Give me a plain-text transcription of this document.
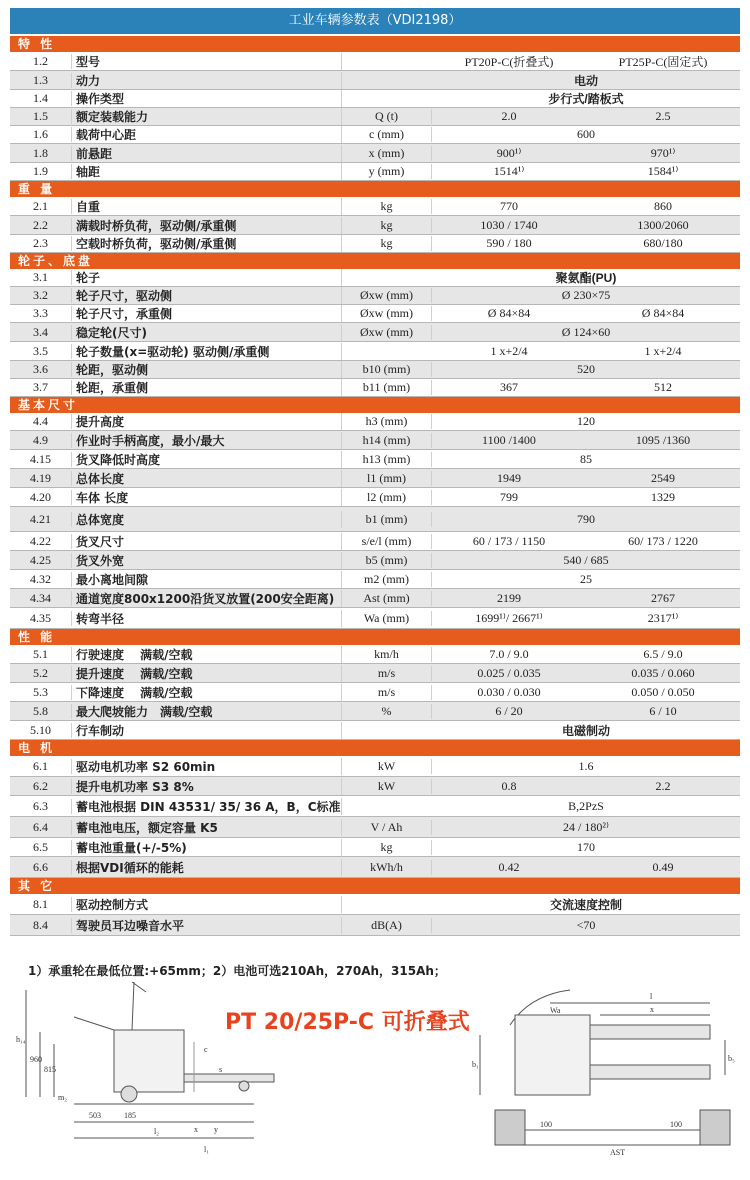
工业车辆参数表（VDI2198）
特 性
1.2	型号	PT20P-C(折叠式)	PT25P-C(固定式)
1.3	动力	电动
1.4	操作类型	步行式/踏板式
1.5	额定装载能力	Q (t)	2.0	2.5
1.6	载荷中心距	c (mm)	600
1.8	前悬距	x (mm)	900¹⁾	970¹⁾
1.9	轴距	y (mm)	1514¹⁾	1584¹⁾
重 量
2.1	自重	kg	770	860
2.2	满载时桥负荷，驱动侧/承重侧	kg	1030 / 1740	1300/2060
2.3	空载时桥负荷，驱动侧/承重侧	kg	590 / 180	680/180
轮子、底盘
3.1	轮子	聚氨酯(PU)
3.2	轮子尺寸，驱动侧	Øxw (mm)	Ø 230×75
3.3	轮子尺寸，承重侧	Øxw (mm)	Ø 84×84	Ø 84×84
3.4	稳定轮(尺寸)	Øxw (mm)	Ø 124×60
3.5	轮子数量(x=驱动轮) 驱动侧/承重侧	1 x+2/4	1 x+2/4
3.6	轮距，驱动侧	b10 (mm)	520
3.7	轮距，承重侧	b11 (mm)	367	512
基本尺寸
4.4	提升高度	h3 (mm)	120
4.9	作业时手柄高度，最小/最大	h14 (mm)	1100 /1400	1095 /1360
4.15	货叉降低时高度	h13 (mm)	85
4.19	总体长度	l1 (mm)	1949	2549
4.20	车体 长度	l2 (mm)	799	1329
4.21	总体宽度	b1 (mm)	790
4.22	货叉尺寸	s/e/l (mm)	60 / 173 / 1150	60/ 173 / 1220
4.25	货叉外宽	b5 (mm)	540 / 685
4.32	最小离地间隙	m2 (mm)	25
4.34	通道宽度800x1200沿货叉放置(200安全距离)	Ast (mm)	2199	2767
4.35	转弯半径	Wa (mm)	1699¹⁾/ 2667¹⁾	2317¹⁾
性 能
5.1	行驶速度　 满载/空载	km/h	7.0 / 9.0	6.5 / 9.0
5.2	提升速度　 满载/空载	m/s	0.025 / 0.035	0.035 / 0.060
5.3	下降速度　 满载/空载	m/s	0.030 / 0.030	0.050 / 0.050
5.8	最大爬坡能力　满载/空载	%	6 / 20	6 / 10
5.10	行车制动	电磁制动
电 机
6.1	驱动电机功率 S2 60min	kW	1.6
6.2	提升电机功率 S3 8%	kW	0.8	2.2
6.3	蓄电池根据 DIN 43531/ 35/ 36 A，B，C标准	B,2PzS
6.4	蓄电池电压，额定容量 K5	V / Ah	24 / 180²⁾
6.5	蓄电池重量(+/-5%)	kg	170
6.6	根据VDI循环的能耗	kWh/h	0.42	0.49
其 它
8.1	驱动控制方式	交流速度控制
8.4	驾驶员耳边噪音水平	dB(A)	<70
1）承重轮在最低位置:+65mm；2）电池可选210Ah，270Ah，315Ah；
PT 20/25P-C 可折叠式
h₁₄
960
815
m₂
503	185
l₂
l₁
s
c
x y
Wa
l
x
b₁
b₅
100	100
AST
